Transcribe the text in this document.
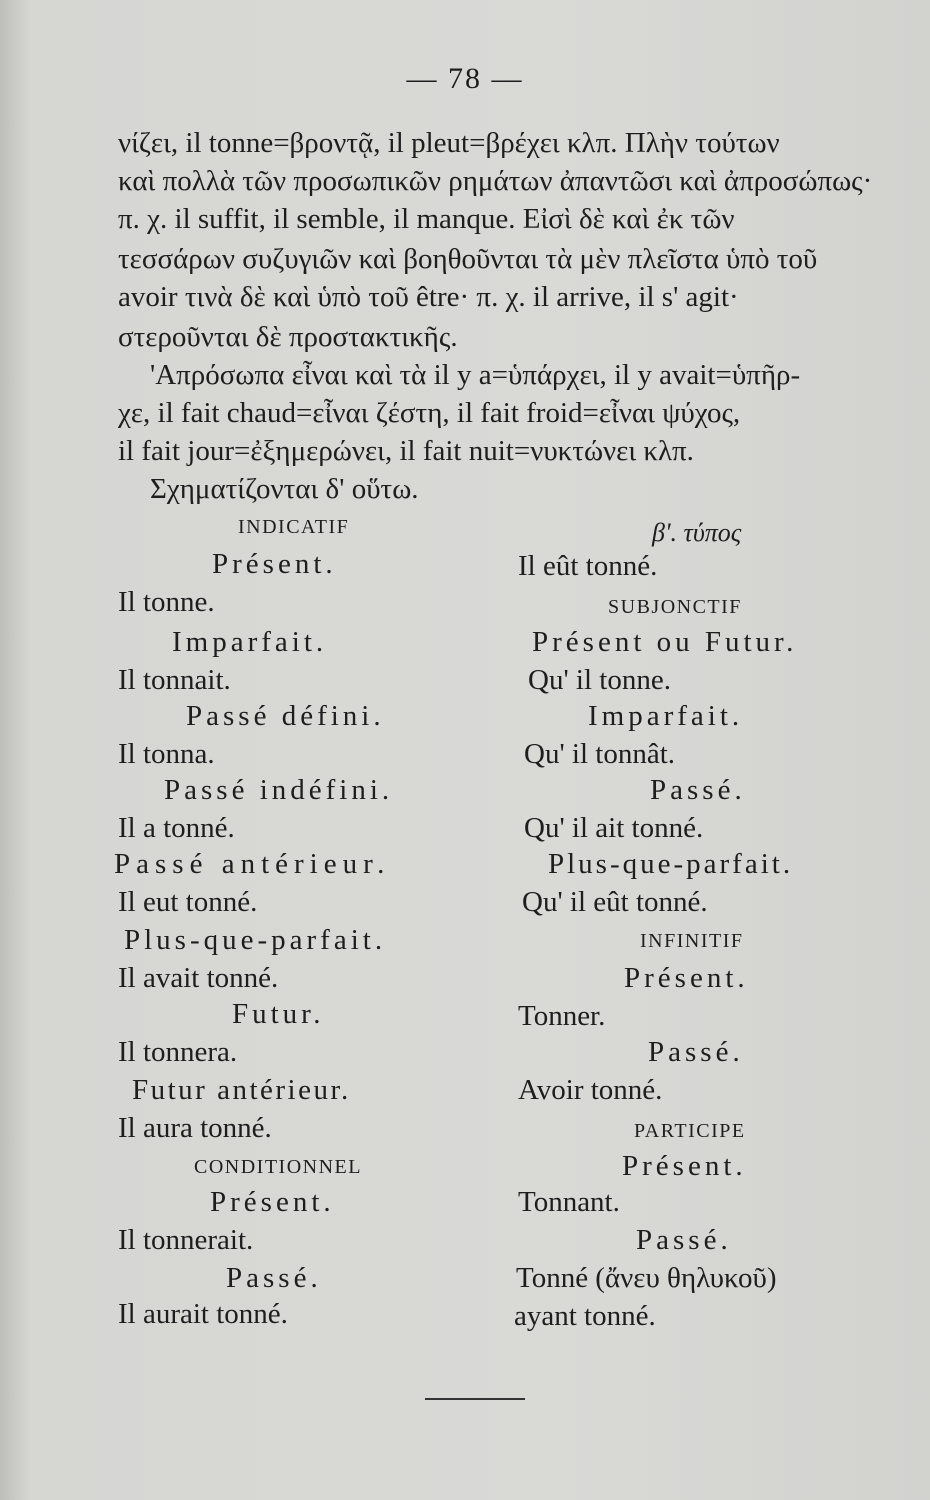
— 78 —
νίζει, il tonne=βροντᾷ, il pleut=βρέχει κλπ. Πλὴν τούτων
καὶ πολλὰ τῶν προσωπικῶν ρημάτων ἀπαντῶσι καὶ ἀπροσώπως·
π. χ. il suffit, il semble, il manque. Εἰσὶ δὲ καὶ ἐκ τῶν
τεσσάρων συζυγιῶν καὶ βοηθοῦνται τὰ μὲν πλεῖστα ὑπὸ τοῦ
avoir τινὰ δὲ καὶ ὑπὸ τοῦ être· π. χ. il arrive, il s' agit·
στεροῦνται δὲ προστακτικῆς.
'Απρόσωπα εἶναι καὶ τὰ il y a=ὑπάρχει, il y avait=ὑπῆρ-
χε, il fait chaud=εἶναι ζέστη, il fait froid=εἶναι ψύχος,
il fait jour=ἐξημερώνει, il fait nuit=νυκτώνει κλπ.
Σχηματίζονται δ' οὕτω.
INDICATIF
Présent.
Il tonne.
Imparfait.
Il tonnait.
Passé défini.
Il tonna.
Passé indéfini.
Il a tonné.
Passé antérieur.
Il eut tonné.
Plus-que-parfait.
Il avait tonné.
Futur.
Il tonnera.
Futur antérieur.
Il aura tonné.
CONDITIONNEL
Présent.
Il tonnerait.
Passé.
Il aurait tonné.
β'. τύπος
Il eût tonné.
SUBJONCTIF
Présent ou Futur.
Qu' il tonne.
Imparfait.
Qu' il tonnât.
Passé.
Qu' il ait tonné.
Plus-que-parfait.
Qu' il eût tonné.
INFINITIF
Présent.
Tonner.
Passé.
Avoir tonné.
PARTICIPE
Présent.
Tonnant.
Passé.
Tonné (ἄνευ θηλυκοῦ)
ayant tonné.
